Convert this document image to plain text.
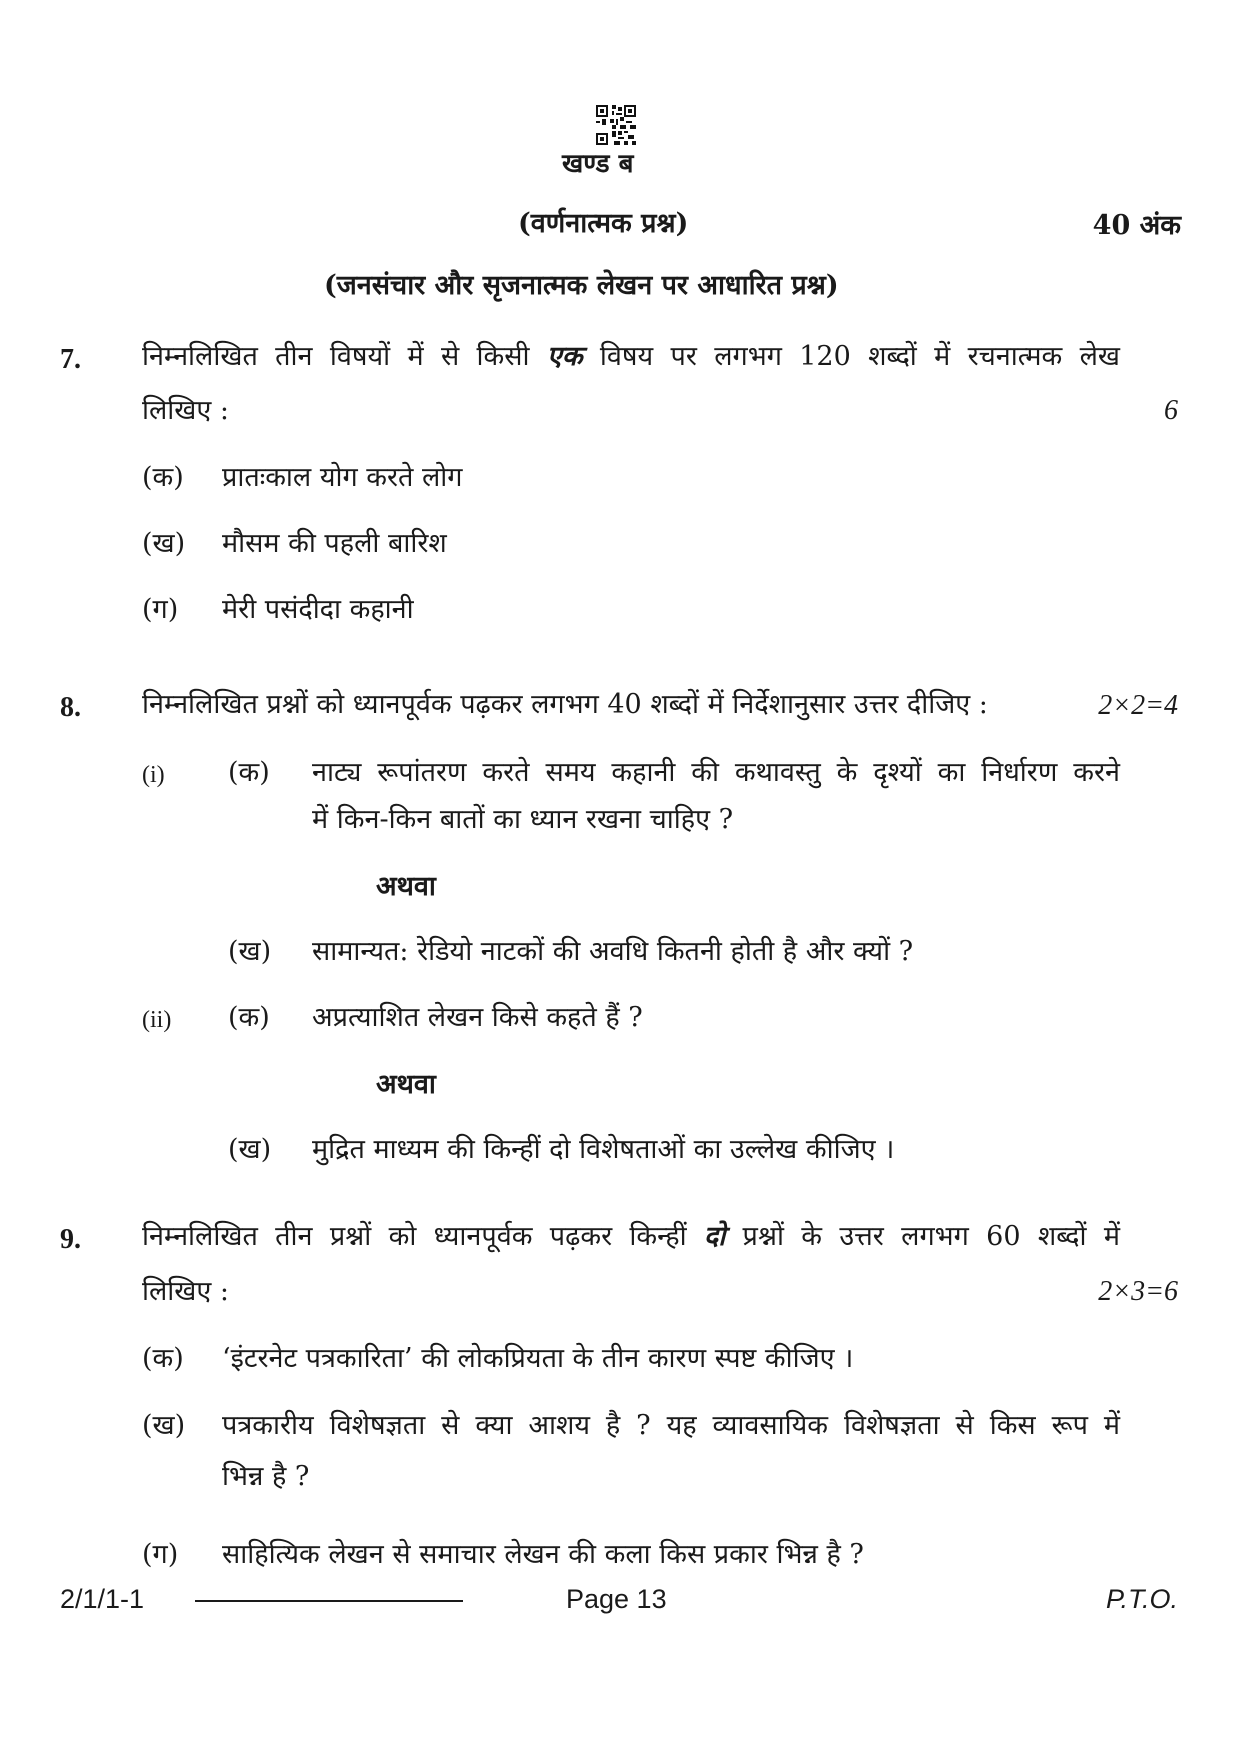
खण्ड ब
(वर्णनात्मक प्रश्न)	40 अंक
(जनसंचार और सृजनात्मक लेखन पर आधारित प्रश्न)
7. निम्नलिखित तीन विषयों में से किसी एक विषय पर लगभग 120 शब्दों में रचनात्मक लेख
लिखिए :	6
(क) प्रातःकाल योग करते लोग
(ख) मौसम की पहली बारिश
(ग) मेरी पसंदीदा कहानी
8. निम्नलिखित प्रश्नों को ध्यानपूर्वक पढ़कर लगभग 40 शब्दों में निर्देशानुसार उत्तर दीजिए :	2×2=4
(i) (क) नाट्य रूपांतरण करते समय कहानी की कथावस्तु के दृश्यों का निर्धारण करने
में किन-किन बातों का ध्यान रखना चाहिए ?
अथवा
(ख) सामान्यत: रेडियो नाटकों की अवधि कितनी होती है और क्यों ?
(ii) (क) अप्रत्याशित लेखन किसे कहते हैं ?
अथवा
(ख) मुद्रित माध्यम की किन्हीं दो विशेषताओं का उल्लेख कीजिए ।
9. निम्नलिखित तीन प्रश्नों को ध्यानपूर्वक पढ़कर किन्हीं दो प्रश्नों के उत्तर लगभग 60 शब्दों में
लिखिए :	2×3=6
(क) ‘इंटरनेट पत्रकारिता’ की लोकप्रियता के तीन कारण स्पष्ट कीजिए ।
(ख) पत्रकारीय विशेषज्ञता से क्या आशय है ? यह व्यावसायिक विशेषज्ञता से किस रूप में
भिन्न है ?
(ग) साहित्यिक लेखन से समाचार लेखन की कला किस प्रकार भिन्न है ?
2/1/1-1	Page 13	P.T.O.
